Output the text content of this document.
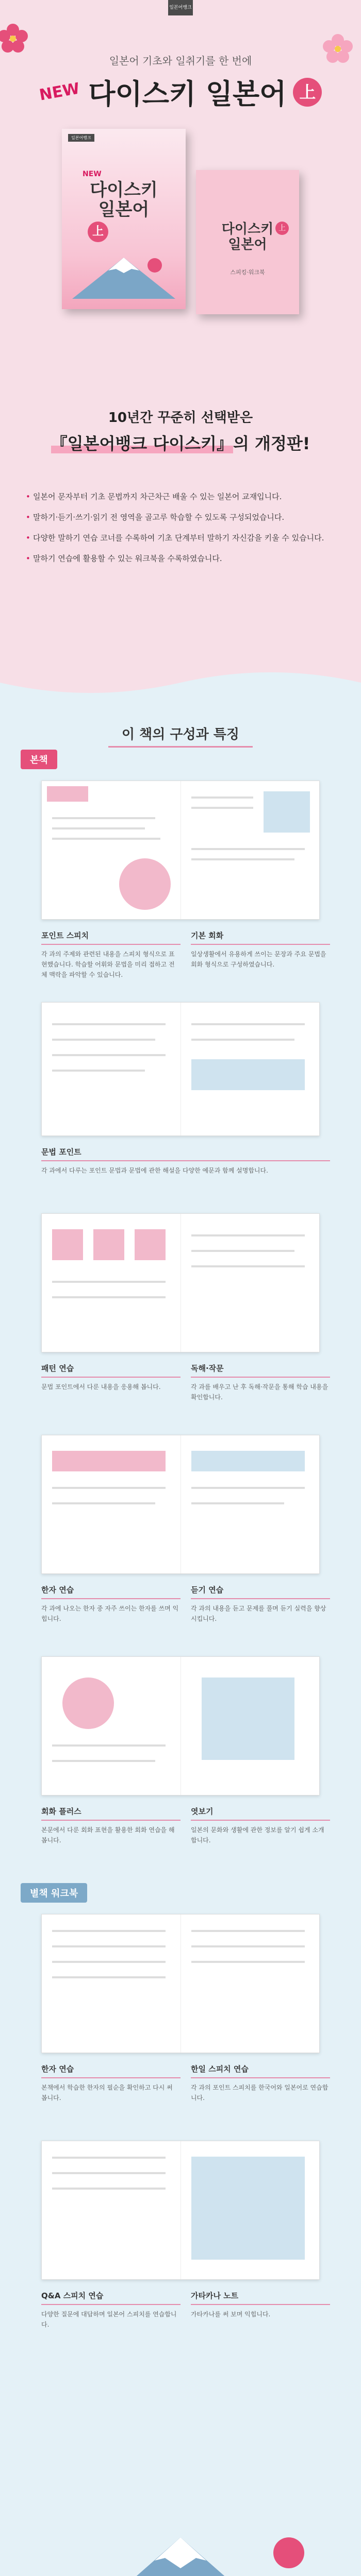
일본어뱅크
일본어 기초와 일취기를 한 번에
NEW 다이스키 일본어 上
일본어뱅크
NEW
다이스키
일본어
上	다이스키
일본어
上
스피킹·워크북
10년간 꾸준히 선택받은
『일본어뱅크 다이스키』의 개정판!
• 일본어 문자부터 기초 문법까지 차근차근 배울 수 있는 일본어 교재입니다.
• 말하기·듣기·쓰기·읽기 전 영역을 골고루 학습할 수 있도록 구성되었습니다.
• 다양한 말하기 연습 코너를 수록하여 기초 단계부터 말하기 자신감을 키울 수 있습니다.
• 말하기 연습에 활용할 수 있는 워크북을 수록하였습니다.
이 책의 구성과 특징
본책
포인트 스피치
각 과의 주제와 관련된 내용을 스피치 형식으로 표현했습니다. 학습할 어휘와 문법을 미리 접하고 전체 맥락을 파악할 수 있습니다.
기본 회화
일상생활에서 유용하게 쓰이는 문장과 주요 문법을 회화 형식으로 구성하였습니다.
문법 포인트
각 과에서 다루는 포인트 문법과 문법에 관한 해설을 다양한 예문과 함께 설명합니다.
패턴 연습
문법 포인트에서 다룬 내용을 응용해 봅니다.
독해·작문
각 과를 배우고 난 후 독해·작문을 통해 학습 내용을 확인합니다.
한자 연습
각 과에 나오는 한자 중 자주 쓰이는 한자를 쓰며 익힙니다.
듣기 연습
각 과의 내용을 듣고 문제를 풀며 듣기 실력을 향상시킵니다.
회화 플러스
본문에서 다룬 회화 표현을 활용한 회화 연습을 해 봅니다.
엿보기
일본의 문화와 생활에 관한 정보를 알기 쉽게 소개합니다.
별책 워크북
한자 연습
본책에서 학습한 한자의 필순을 확인하고 다시 써 봅니다.
한일 스피치 연습
각 과의 포인트 스피치를 한국어와 일본어로 연습합니다.
Q&A 스피치 연습
다양한 질문에 대답하며 일본어 스피치를 연습합니다.
가타카나 노트
가타카나를 써 보며 익힙니다.
